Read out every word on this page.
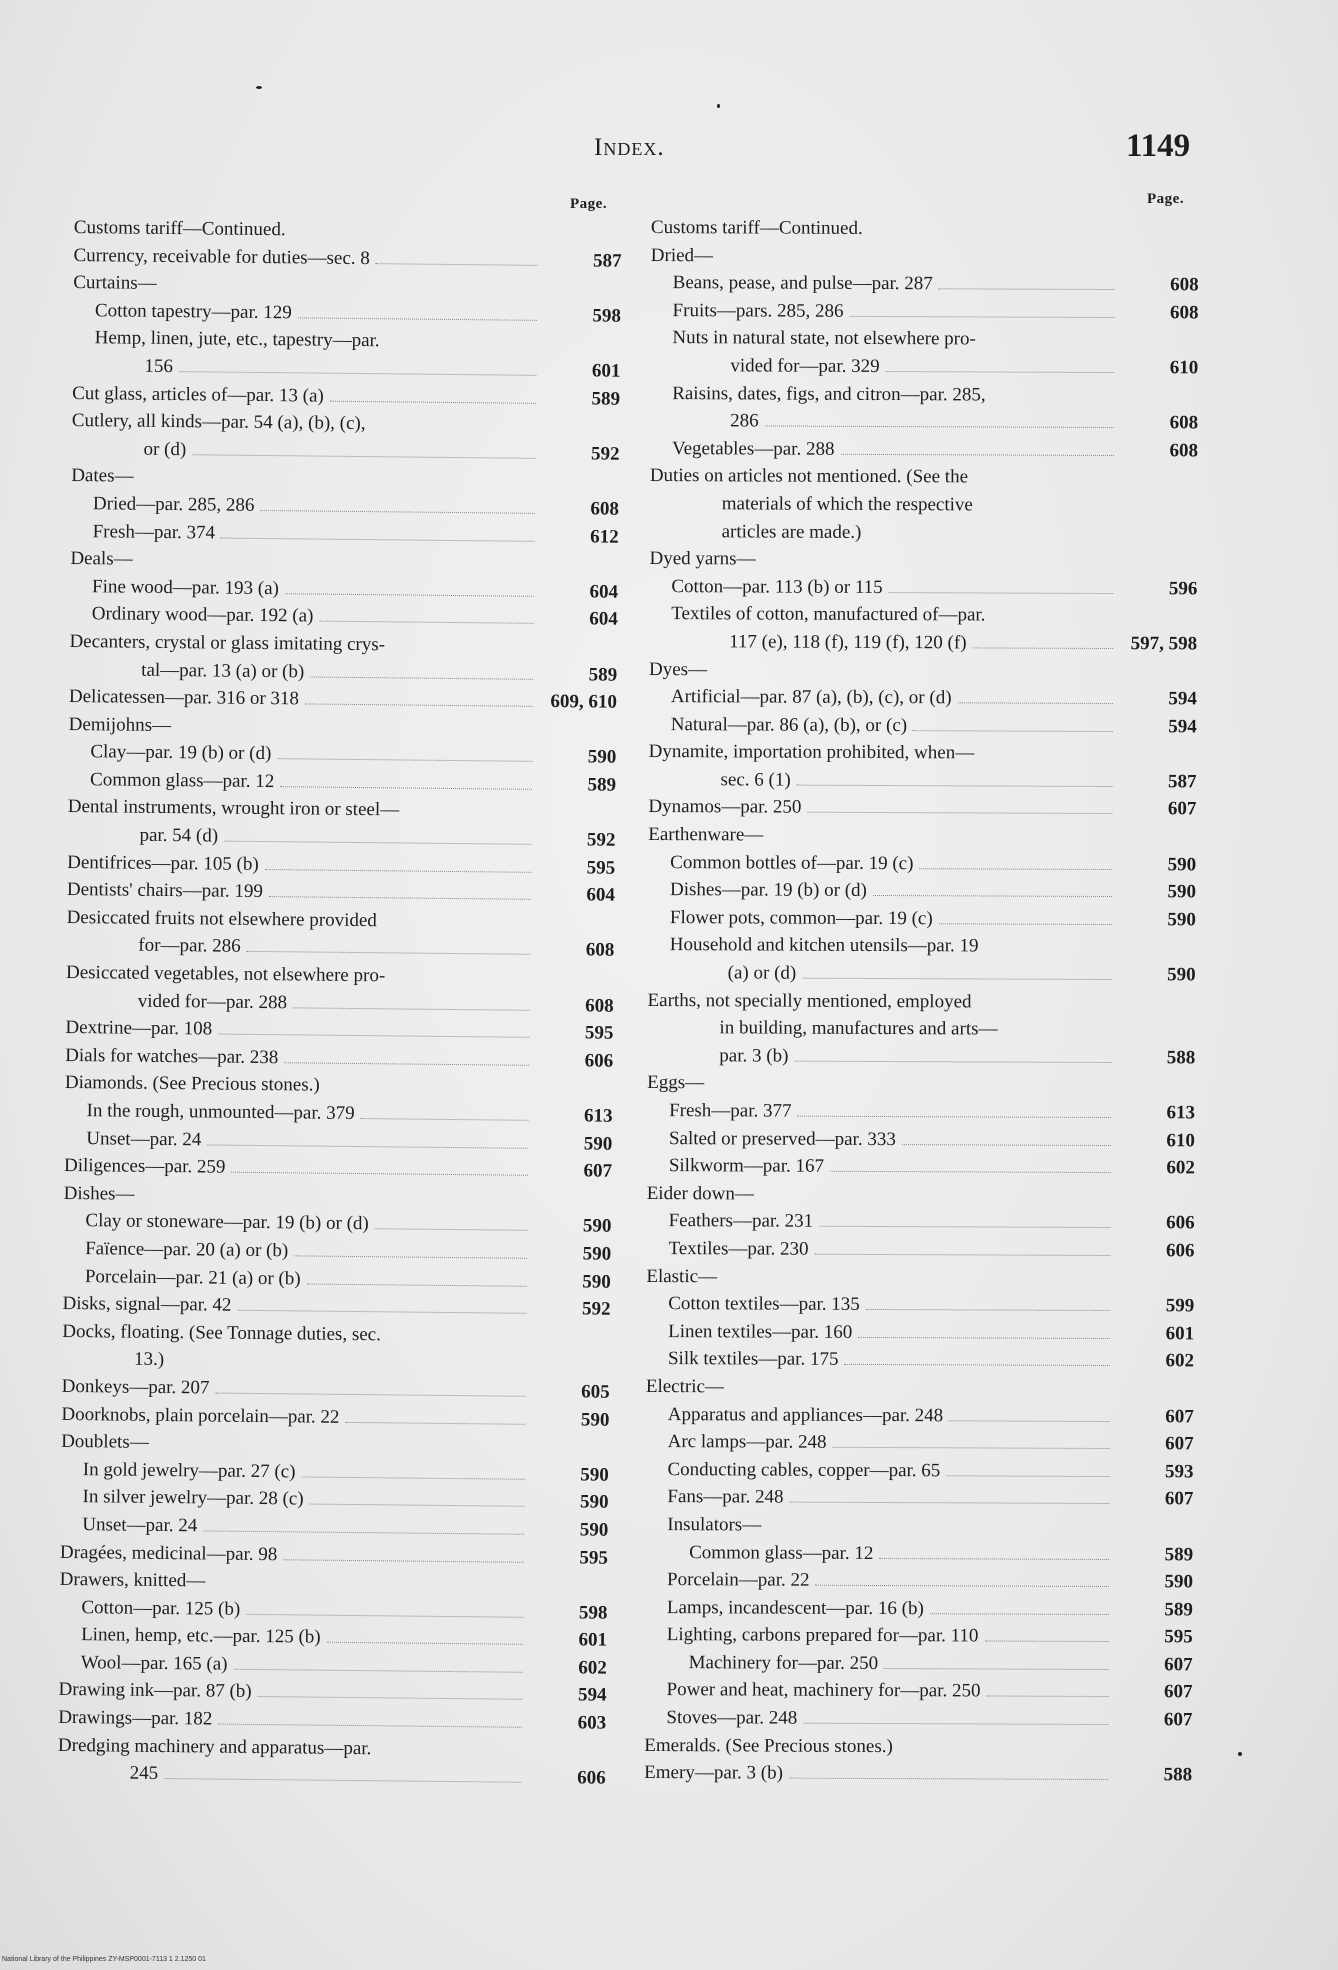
Index.	1149
Page.	Page.
Customs tariff—Continued.
Currency, receivable for duties—sec. 8	587
Curtains—
Cotton tapestry—par. 129	598
Hemp, linen, jute, etc., tapestry—par.
156	601
Cut glass, articles of—par. 13 (a)	589
Cutlery, all kinds—par. 54 (a), (b), (c),
or (d)	592
Dates—
Dried—par. 285, 286	608
Fresh—par. 374	612
Deals—
Fine wood—par. 193 (a)	604
Ordinary wood—par. 192 (a)	604
Decanters, crystal or glass imitating crys-
tal—par. 13 (a) or (b)	589
Delicatessen—par. 316 or 318	609, 610
Demijohns—
Clay—par. 19 (b) or (d)	590
Common glass—par. 12	589
Dental instruments, wrought iron or steel—
par. 54 (d)	592
Dentifrices—par. 105 (b)	595
Dentists' chairs—par. 199	604
Desiccated fruits not elsewhere provided
for—par. 286	608
Desiccated vegetables, not elsewhere pro-
vided for—par. 288	608
Dextrine—par. 108	595
Dials for watches—par. 238	606
Diamonds. (See Precious stones.)
In the rough, unmounted—par. 379	613
Unset—par. 24	590
Diligences—par. 259	607
Dishes—
Clay or stoneware—par. 19 (b) or (d)	590
Faïence—par. 20 (a) or (b)	590
Porcelain—par. 21 (a) or (b)	590
Disks, signal—par. 42	592
Docks, floating. (See Tonnage duties, sec.
13.)
Donkeys—par. 207	605
Doorknobs, plain porcelain—par. 22	590
Doublets—
In gold jewelry—par. 27 (c)	590
In silver jewelry—par. 28 (c)	590
Unset—par. 24	590
Dragées, medicinal—par. 98	595
Drawers, knitted—
Cotton—par. 125 (b)	598
Linen, hemp, etc.—par. 125 (b)	601
Wool—par. 165 (a)	602
Drawing ink—par. 87 (b)	594
Drawings—par. 182	603
Dredging machinery and apparatus—par.
245	606
Customs tariff—Continued.
Dried—
Beans, pease, and pulse—par. 287	608
Fruits—pars. 285, 286	608
Nuts in natural state, not elsewhere pro-
vided for—par. 329	610
Raisins, dates, figs, and citron—par. 285,
286	608
Vegetables—par. 288	608
Duties on articles not mentioned. (See the
materials of which the respective
articles are made.)
Dyed yarns—
Cotton—par. 113 (b) or 115	596
Textiles of cotton, manufactured of—par.
117 (e), 118 (f), 119 (f), 120 (f)	597, 598
Dyes—
Artificial—par. 87 (a), (b), (c), or (d)	594
Natural—par. 86 (a), (b), or (c)	594
Dynamite, importation prohibited, when—
sec. 6 (1)	587
Dynamos—par. 250	607
Earthenware—
Common bottles of—par. 19 (c)	590
Dishes—par. 19 (b) or (d)	590
Flower pots, common—par. 19 (c)	590
Household and kitchen utensils—par. 19
(a) or (d)	590
Earths, not specially mentioned, employed
in building, manufactures and arts—
par. 3 (b)	588
Eggs—
Fresh—par. 377	613
Salted or preserved—par. 333	610
Silkworm—par. 167	602
Eider down—
Feathers—par. 231	606
Textiles—par. 230	606
Elastic—
Cotton textiles—par. 135	599
Linen textiles—par. 160	601
Silk textiles—par. 175	602
Electric—
Apparatus and appliances—par. 248	607
Arc lamps—par. 248	607
Conducting cables, copper—par. 65	593
Fans—par. 248	607
Insulators—
Common glass—par. 12	589
Porcelain—par. 22	590
Lamps, incandescent—par. 16 (b)	589
Lighting, carbons prepared for—par. 110	595
Machinery for—par. 250	607
Power and heat, machinery for—par. 250	607
Stoves—par. 248	607
Emeralds. (See Precious stones.)
Emery—par. 3 (b)	588
National Library of the Philippines ZY-MSP0001-7113 1 2.1250 01
